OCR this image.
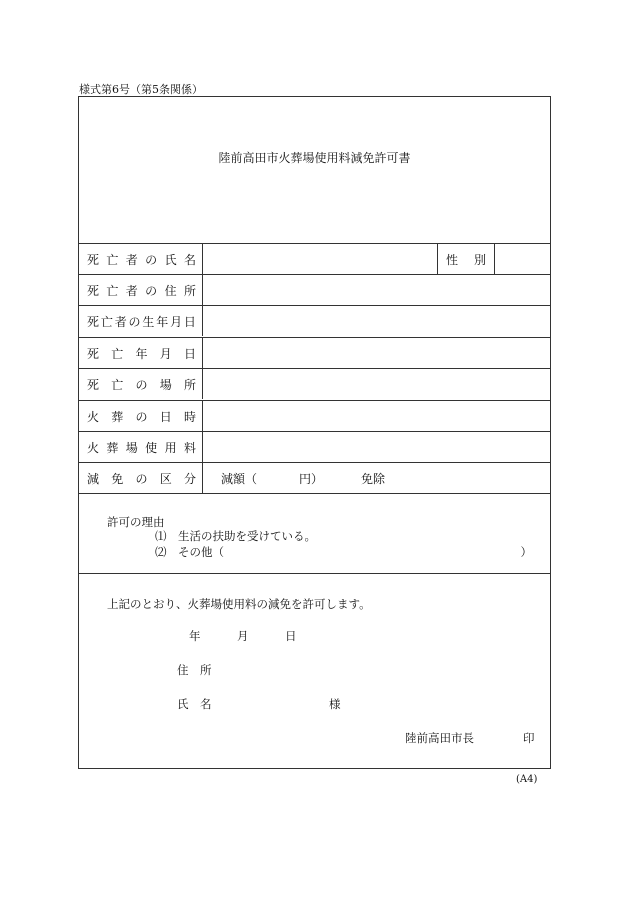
様式第6号（第5条関係）
陸前高田市火葬場使用料減免許可書
死 亡 者 の 氏 名	性 別
死 亡 者 の 住 所
死 亡 者 の 生 年 月 日
死 亡 年 月 日
死 亡 の 場 所
火 葬 の 日 時
火 葬 場 使 用 料
減 免 の 区 分 減額（	円）	免除
許可の理由
⑴　生活の扶助を受けている。
⑵　その他（	）
上記のとおり、火葬場使用料の減免を許可します。
年	月	日
住　所
氏　名	様
陸前高田市長	印
(A4)
